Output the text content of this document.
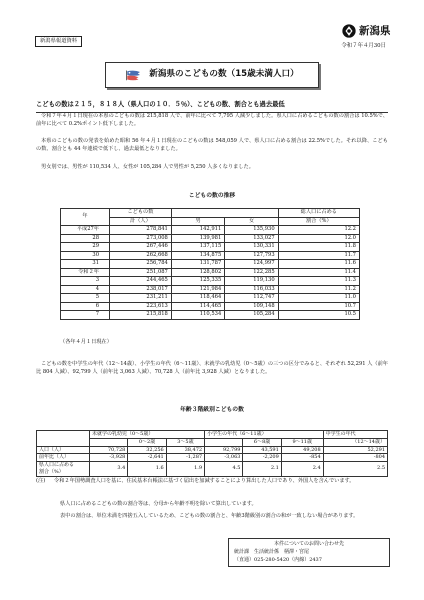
新潟県報道資料
新潟県
令和７年４月30日
新潟県のこどもの数（15歳未満人口）
こどもの数は２１５，８１８人（県人口の１０．５％）、こどもの数、割合とも過去最低
令和７年４月１日現在の本県のこどもの数は 215,818 人で、前年に比べて 7,795 人減少しました。県人口に占めるこどもの数の割合は 10.5%で、前年に比べて 0.2%ポイント低下しました。
本県のこどもの数の発表を始めた昭和 56 年４月１日現在のこどもの数は 548,059 人で、県人口に占める割合は 22.5%でした。それ以降、こどもの数、割合とも 44 年連続で低下し、過去最低となりました。
男女別では、男性が 110,534 人、女性が 105,284 人で男性が 5,250 人多くなりました。
こどもの数の推移
年	こどもの数			総人口に占める
	計（人）	男	女	割合（%）
平成27年	278,841	142,911	135,930	12.2
28	273,008	139,981	133,027	12.0
29	267,446	137,115	130,331	11.8
30	262,668	134,875	127,793	11.7
31	256,784	131,787	124,997	11.6
令和２年	251,087	128,802	122,285	11.4
3	244,465	125,335	119,130	11.3
4	238,017	121,984	116,033	11.2
5	231,211	118,464	112,747	11.0
6	223,613	114,465	109,148	10.7
7	215,818	110,534	105,284	10.5
（各年４月１日現在）
こどもの数を中学生の年代（12～14歳）、小学生の年代（6～11歳）、未就学の乳幼児（0～5歳）の三つの区分でみると、それぞれ 52,291 人（前年比 804 人減）、92,799 人（前年比 3,063 人減）、70,728 人（前年比 3,928 人減）となりました。
年齢３階級別こどもの数
	未就学の乳幼児（0～5歳）			小学生の年代（6～11歳）			中学生の年代
		0～2歳	3～5歳		6～8歳	9～11歳	（12～14歳）
人口（人）	70,728	32,256	38,472	92,799	43,591	49,208	52,291
前年比（人）	-3,928	-2,641	-1,287	-3,063	-2,209	-854	-804
県人口に占める
割合（%）	3.4	1.6	1.9	4.5	2.1	2.4	2.5
(注)	令和２年国勢調査人口を基に、住民基本台帳法に基づく届出を加減することにより算出した人口であり、外国人を含んでいます。
県人口に占めるこどもの数の割合等は、分母から年齢不明を除いて算出しています。
表中の割合は、単位未満を四捨五入しているため、こどもの数の割合と、年齢3階級別の割合の和が一致しない場合があります。
本件についてのお問い合わせ先
統計課　生活統計係　柄澤・宮尾
（直通）025-280-5420（内線）2437
